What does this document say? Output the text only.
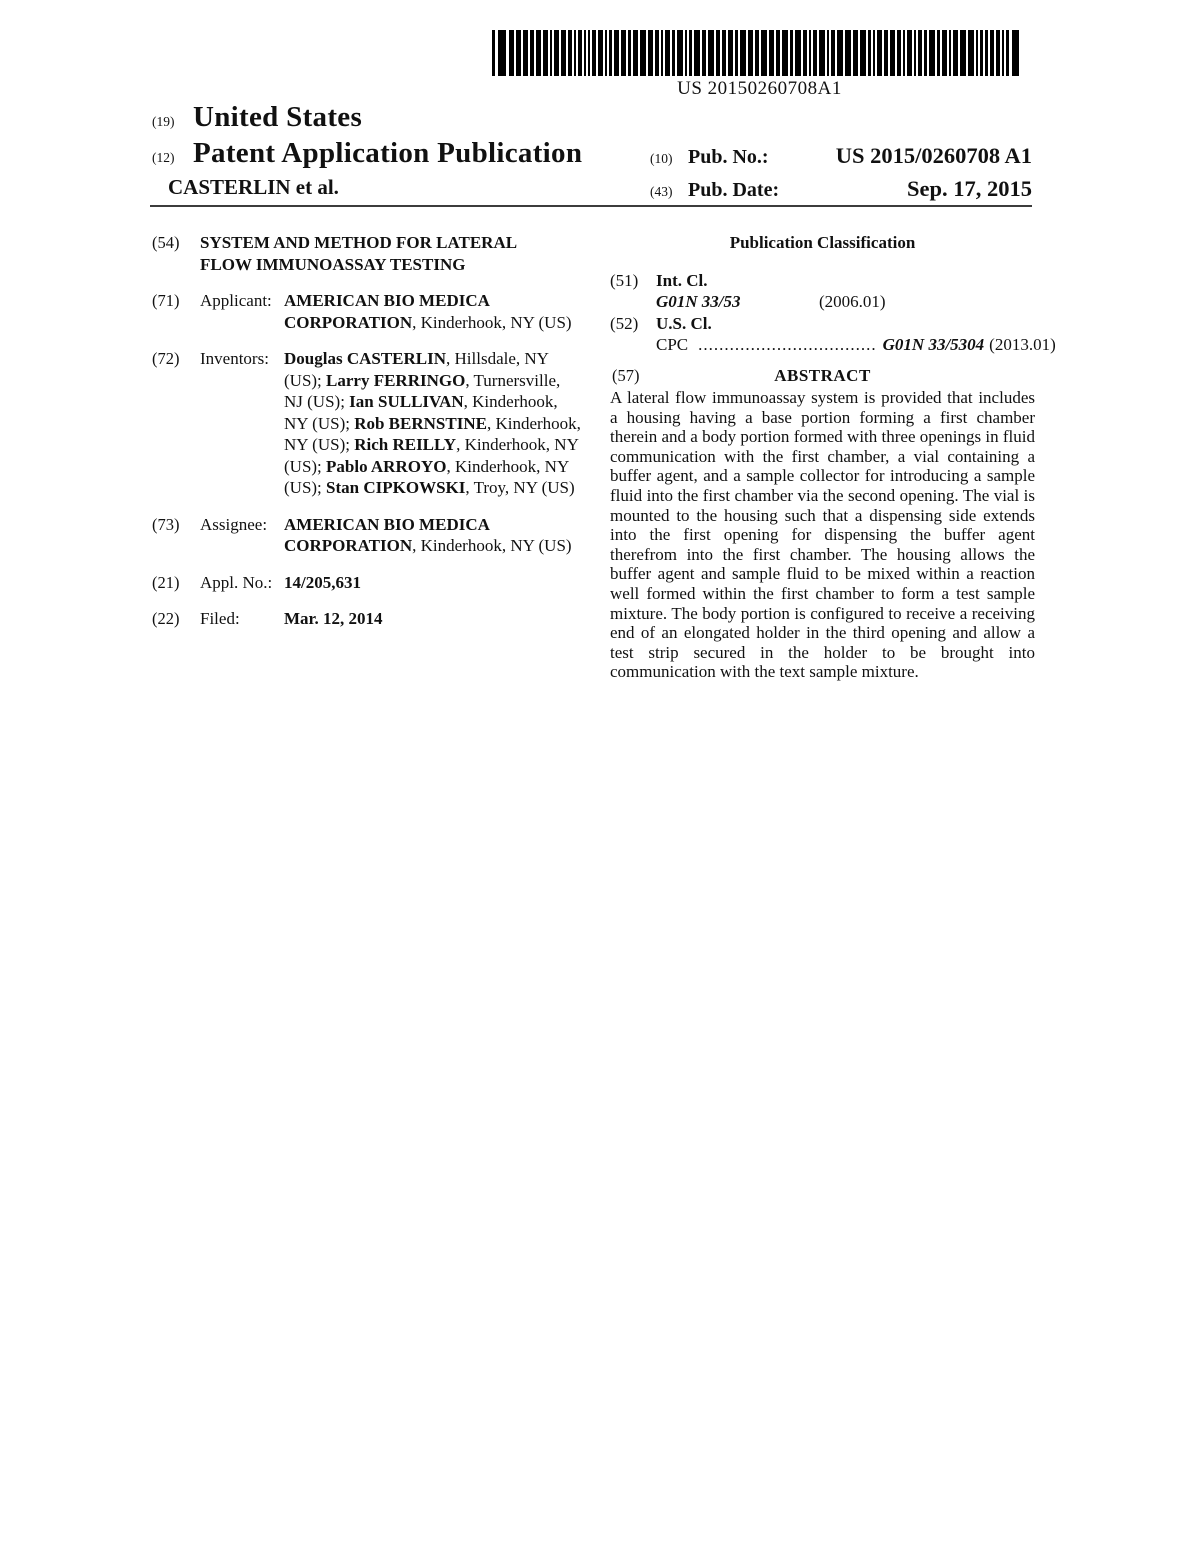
US 20150260708A1
(19) United States
(12) Patent Application Publication
CASTERLIN et al.
(10) Pub. No.:	US 2015/0260708 A1
(43) Pub. Date:	Sep. 17, 2015
(54)	SYSTEM AND METHOD FOR LATERAL FLOW IMMUNOASSAY TESTING
(71)	Applicant: AMERICAN BIO MEDICA CORPORATION, Kinderhook, NY (US)
(72)	Inventors: Douglas CASTERLIN, Hillsdale, NY (US); Larry FERRINGO, Turnersville, NJ (US); Ian SULLIVAN, Kinderhook, NY (US); Rob BERNSTINE, Kinderhook, NY (US); Rich REILLY, Kinderhook, NY (US); Pablo ARROYO, Kinderhook, NY (US); Stan CIPKOWSKI, Troy, NY (US)
(73)	Assignee: AMERICAN BIO MEDICA CORPORATION, Kinderhook, NY (US)
(21)	Appl. No.: 14/205,631
(22)	Filed:	Mar. 12, 2014
Publication Classification
(51)	Int. Cl.
G01N 33/53	(2006.01)
(52)	U.S. Cl.
CPC .................................. G01N 33/5304 (2013.01)
(57)	ABSTRACT

A lateral flow immunoassay system is provided that includes a housing having a base portion forming a first chamber therein and a body portion formed with three openings in fluid communication with the first chamber, a vial containing a buffer agent, and a sample collector for introducing a sample fluid into the first chamber via the second opening. The vial is mounted to the housing such that a dispensing side extends into the first opening for dispensing the buffer agent therefrom into the first chamber. The housing allows the buffer agent and sample fluid to be mixed within a reaction well formed within the first chamber to form a test sample mixture. The body portion is configured to receive a receiving end of an elongated holder in the third opening and allow a test strip secured in the holder to be brought into communication with the text sample mixture.
